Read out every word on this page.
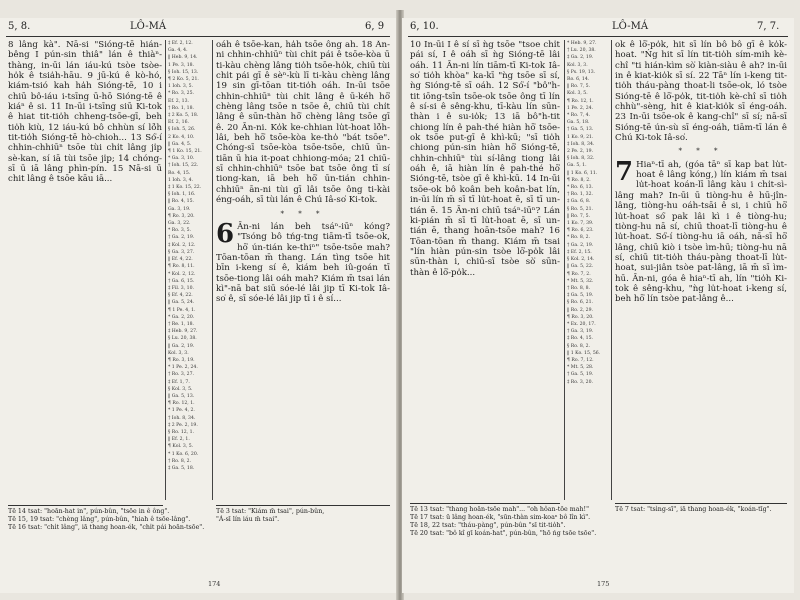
5, 8.	LÔ-MÁ	6, 9

8 lâng kà". Nā-si "Sióng-tē hián-bêng I pún-sin thiâ" lán ê thiàⁿ-thàng, in-ūi lán iáu-kú tsòe tsòe-ho̍k ê tsia̍h-hāu. 9 jū-kú ê kò-hó, kiám-tsió kah ha̍h Sióng-tē, 10 i chiū bô-iáu i-tsīng ū-hō Sióng-tē ê kiáⁿ ê si. 11 In-ūi i-tsīng siū Ki-tok ê hiat tit-tio̍h chheng-tsōe-gī, beh tio̍h kiù, 12 iáu-kú bô chhùn sí lō̍h tit-tio̍h Sióng-tē hò-chioh... 13 Só͘-í chhin-chhiūⁿ tsōe tùi chi̍t lâng ji̍p sè-kan, sí iā tùi tsōe ji̍p; 14 chóng-sī ū iā lâng phìn-pín. 15 Nā-si ū chit lâng ê tsōe kāu iā...

‡ Ef. 2, 12.
Ga. 4, 4.
‖ Heb. 9, 14.
1 Pe. 3, 18.
§ Ioh. 15, 13.
¶ 2 Ko. 5, 21.
1 Ioh. 3, 5.
* Ro. 3, 25.
Ef. 2, 13.
† Ro. 1, 18.
‡ 2 Ko. 5, 18.
Ef. 2, 16.
§ Ioh. 5, 26.
2 Ko. 4, 10.
‖ Ga. 4, 5.
¶ 1 Ko. 15, 21.
* Ga. 3, 10.
† Ioh. 15, 22.
Ro. 4, 15.
1 Ioh. 3, 4.
‡ 1 Ko. 15, 22.
§ Ioh. 1, 16.
‖ Ro. 4, 15.
Ga. 3, 19.
¶ Ro. 3, 20.
Ga. 3, 22.
* Ro. 3, 5.
† Ga. 2, 19.
‡ Kol. 2, 12.
§ Ga. 3, 27.
‖ Ef. 4, 22.
¶ Ro. 8, 11.
* Kol. 2, 12.
† Ga. 6, 15.
‡ Fil. 3, 10.
§ Ef. 4, 22.
‖ Ga. 5, 24.
¶ 1 Pe. 4, 1.
* Ga. 2, 20.
† Re. 1, 18.
‡ Heb. 9, 27.
§ Lu. 20, 38.
‖ Ga. 2, 19.
Kol. 3, 3.
¶ Ro. 3, 19.
* 1 Pe. 2, 24.
† Ro. 3, 27.
‡ Ef. 1, 7.
§ Kol. 3, 5.
‖ Ga. 5, 13.
¶ Ro. 12, 1.
* 1 Pe. 4, 2.
† Ioh. 8, 34.
‡ 2 Pe. 2, 19.
§ Ro. 12, 1.
‖ Ef. 2, 1.
¶ Kol. 3, 5.
* 1 Ko. 6, 20.
† Ro. 8, 2.
‡ Ga. 5, 18.

oáh ê tsōe-kan, ha̍h tsōe ông ah. 18 Ān-ni chhin-chhiūⁿ tùi chi̍t pái ê tsōe-kòa ū ti-kàu chèng lâng tio̍h tsōe-ho̍k, chiū tùi chi̍t pái gī ê sèⁿ-kù lī ti-kàu chèng lâng 19 sin gī-tōan tit-tio̍h oáh. In-ūi tsōe chhin-chhiūⁿ tùi chi̍t lâng ê ū-kéh hō͘ chèng lâng tsōe n tsōe ê, chiū tùi chi̍t lâng ê sūn-thàn hō͘ chèng lâng tsōe gī ê. 20 Ān-ni. Ko̍k ke-chhian lu̍t-hoat lō̍h-lâi, beh hō͘ tsōe-kòa ke-tho̍ "bát tsōe". Chóng-sī tsōe-kòa tsōe-tsōe, chiū ūn-tiān ū hia it-poat chhiong-móa; 21 chiū-sī chhin-chhiūⁿ tsōe bat tsōe ông tī sí tiong-kan, iā beh hō͘ ūn-tián chhin-chhiūⁿ ān-ni tùi gī lâi tsōe ông ti-kài éng-oáh, sī tùi lán ê Chú Iâ-so͘ Ki-tok.

* * *

6 Ān-ni lán beh tsáⁿ-iūⁿ kóng? "Tsóng bô tńg-tng tiām-tī tsōe-ok, hō͘ ún-tián ke-thiⁿ" tsōe-tsōe mah? Tōan-tōan m̄ thang. Lán tìng tsōe hit bīn i-keng sí ê, kiám beh iû-goán tī tsōe-tiong lâi oáh mah? Kiám m̄ tsai lán kì"-nā bat siū sóe-lé lâi jip tī Ki-tok Iâ-so͘ ê, sī sóe-lé lâi jip tī i ê sí...

Tē 14 tsat: "hoān-hat in", pún-bûn, "tsōe in ê ông".
Tē 15, 19 tsat: "chèng lâng", pún-bûn, "hiah ê tsōe-lâng".
Tē 16 tsat: "chi̍t lâng", iā thang hoan-ék, "chi̍t pái hoān-tsōe".
Tē 3 tsat: "Kiám m̄ tsai", pún-bûn,
"Á-sī lín iáu m̄ tsai".
174
6, 10.	LÔ-MÁ	7, 7.

10 In-ūi I ê sí sī ǹg tsōe "tsoe chi̍t pái sí, I ê oáh sī ǹg Sióng-tē lâi oáh. 11 Ān-ni lín tiām-tī Ki-tok Iâ-so͘ tio̍h khòa" ka-kī "ǹg tsōe sī sí, ǹg Sióng-tē sī oáh. 12 Só͘-í "bô"h-tit iōng-tsīn tsōe-ok tsōe ông tī lín ê sí-si ê sêng-khu, tī-kàu lín sūn-thàn i ê su-io̍k; 13 iā bô"h-tit chiong lín ê pah-thé hiàn hō͘ tsōe-ok tsōe put-gī ê khì-kū; "sī tio̍h chiong pún-sin hiàn hō͘ Sióng-tē, chhin-chhiūⁿ tùi sí-lâng tiong lâi oáh ê, iā hiàn lín ê pah-thé hō͘ Sióng-tē, tsòe gī ê khì-kū. 14 In-ūi tsōe-ok bô koân beh koân-bat lín, in-ūi lín m̄ sī tī lu̍t-hoat ē, sī tī un-tián ē. 15 Ān-ni chiū tsáⁿ-iūⁿ? Lán ki-pián m̄ sī tī lu̍t-hoat ē, sī un-tián ē, thang hoān-tsōe mah? 16 Tōan-tōan m̄ thang. Kiám m̄ tsai "lín hiàn pún-sin tsòe lō͘-po̍k lâi sūn-thàn i, chiū-sī tsòe sò͘ sūn-thàn ê lō͘-po̍k...

* Heb. 9, 27.
† Lu. 20, 38.
‡ Ga. 2, 19.
Kol. 3, 3.
§ Ps. 19, 13.
Ro. 6, 14.
‖ Ro. 7, 5.
Kol. 3, 5.
¶ Ro. 12, 1.
1 Pe. 2, 24.
* Ro. 7, 4.
Ga. 5, 18.
† Ga. 5, 13.
1 Ko. 9, 21.
‡ Ioh. 8, 34.
2 Pe. 2, 19.
§ Ioh. 8, 32.
Ga. 5, 1.
‖ 1 Ko. 6, 11.
¶ Ro. 8, 2.
* Ro. 6, 13.
† Ro. 1, 32.
‡ Ga. 6, 8.
§ Ro. 5, 21.
‖ Ro. 7, 5.
1 Ko. 7, 39.
¶ Ro. 6, 23.
* Ro. 8, 2.
† Ga. 2, 19.
‡ Ef. 2, 15.
§ Kol. 2, 14.
‖ Ga. 5, 22.
¶ Ro. 7, 2.
* Mt. 5, 32.
† Ro. 8, 8.
‡ Ga. 5, 19.
§ Ro. 6, 21.
‖ Ro. 2, 29.
¶ Ro. 3, 20.
* Ex. 20, 17.
† Ga. 3, 19.
‡ Ro. 4, 15.
§ Ro. 8, 2.
‖ 1 Ko. 15, 56.
¶ Ro. 7, 12.
* Mt. 5, 28.
† Ga. 5, 19.
‡ Ro. 3, 20.

ok ê lō͘-po̍k, hit sī lín bô bô gī ê ko̍k-hoat. "Ńg hit sī lín tit-tio̍h sím-mih kè-chî "ti hián-kìm sò͘ kiàn-siàu ê ah? in-ūi in ê kiat-kio̍k sī sí. 22 Tāⁿ lín i-keng tit-tio̍h tháu-pàng thoat-li tsōe-ok, ló tsòe Sióng-tē ê lō͘-po̍k, tit-tio̍h kè-chî sī tio̍h chhù"-sèng, hit ê kiat-kio̍k sī éng-oáh. 23 In-ūi tsōe-ok ê kang-chî" sī sí; nā-sī Sióng-tē ún-sù sī éng-oáh, tiām-tī lán ê Chú Ki-tok Iâ-so͘.

* * *

7 Hiaⁿ-tī ah, (góa tāⁿ sī kap bat lu̍t-hoat ê lâng kóng,) lín kiám m̄ tsai lu̍t-hoat koán-lī lâng kàu i chi̍t-sì-lâng mah? In-ūi ū tiòng-hu ê hū-jîn-lâng, tiòng-hu oáh-tsāi ê si, i chiū hō͘ lu̍t-hoat só͘ pak lâi kì i ê tiòng-hu; tiòng-hu nā sí, chiū thoat-lī tiòng-hu ê lu̍t-hoat. Só͘-í tiòng-hu iā oáh, nā-sī hō͘ lâng, chiū kiò i tsòe ìm-hū; tiòng-hu nā sí, chiū tit-tio̍h tháu-pàng thoat-lī lu̍t-hoat, sui-jiân tsòe pat-lâng, iā m̄ sī ìm-hū. Ān-ni, góa ê hiaⁿ-tī ah, lín "tio̍h Ki-tok ê sêng-khu, "ǹg lu̍t-hoat i-keng sí, beh hō͘ lín tsòe pat-lâng ê...

Tē 13 tsat: "thang hoān-tsōe mah"... "oh hôan-tōe mah!"
Tē 17 tsat: ū lâng hoan-ék, "sūn-thàn sim-koaⁿ bô lîn kì".
Tē 18, 22 tsat: "tháu-pàng", pún-bûn "sī tit-tio̍h".
Tē 20 tsat: "bô kî gī koán-hat", pún-bûn, "hō ńg tsōe tsōe".
Tē 7 tsat: "tsìng-sī", iā thang hoan-ék, "koán-tīg".
175
